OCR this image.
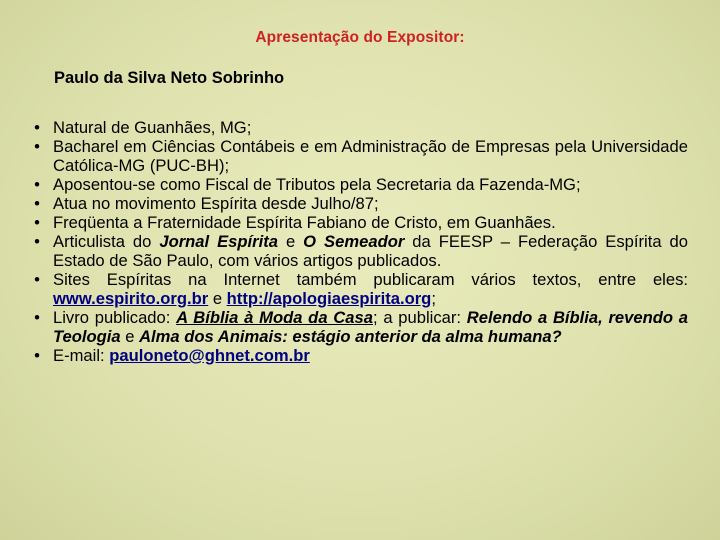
Apresentação do Expositor:
Paulo da Silva Neto Sobrinho
• Natural de Guanhães, MG;
• Bacharel em Ciências Contábeis e em Administração de Empresas pela Universidade Católica-MG (PUC-BH);
• Aposentou-se como Fiscal de Tributos pela Secretaria da Fazenda-MG;
• Atua no movimento Espírita desde Julho/87;
• Freqüenta a Fraternidade Espírita Fabiano de Cristo, em Guanhães.
• Articulista do Jornal Espírita e O Semeador da FEESP – Federação Espírita do Estado de São Paulo, com vários artigos publicados.
• Sites Espíritas na Internet também publicaram vários textos, entre eles: www.espirito.org.br e http://apologiaespirita.org;
• Livro publicado: A Bíblia à Moda da Casa; a publicar: Relendo a Bíblia, revendo a Teologia e Alma dos Animais: estágio anterior da alma humana?
• E-mail: pauloneto@ghnet.com.br
